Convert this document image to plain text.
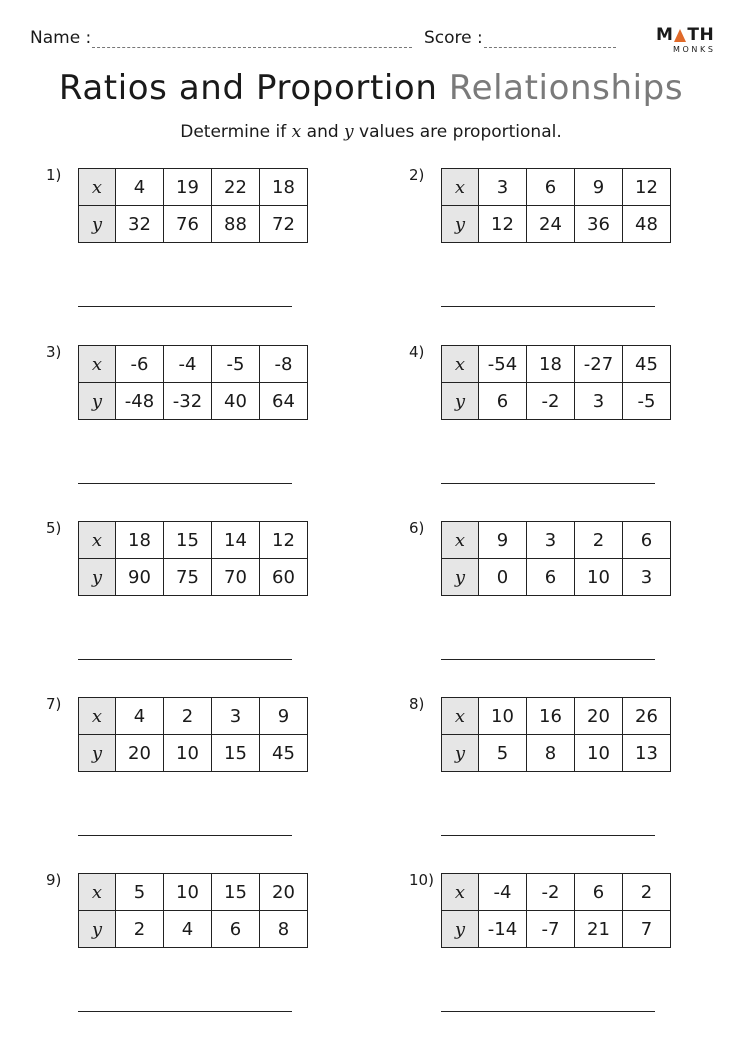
Name :	Score :	M TH
MONKS
Ratios and Proportion Relationships
Determine if x and y values are proportional.
1)
x	4	19	22	18
y	32	76	88	72
2)
x	3	6	9	12
y	12	24	36	48
3)
x	-6	-4	-5	-8
y	-48	-32	40	64
4)
x	-54	18	-27	45
y	6	-2	3	-5
5)
x	18	15	14	12
y	90	75	70	60
6)
x	9	3	2	6
y	0	6	10	3
7)
x	4	2	3	9
y	20	10	15	45
8)
x	10	16	20	26
y	5	8	10	13
9)
x	5	10	15	20
y	2	4	6	8
10)
x	-4	-2	6	2
y	-14	-7	21	7
